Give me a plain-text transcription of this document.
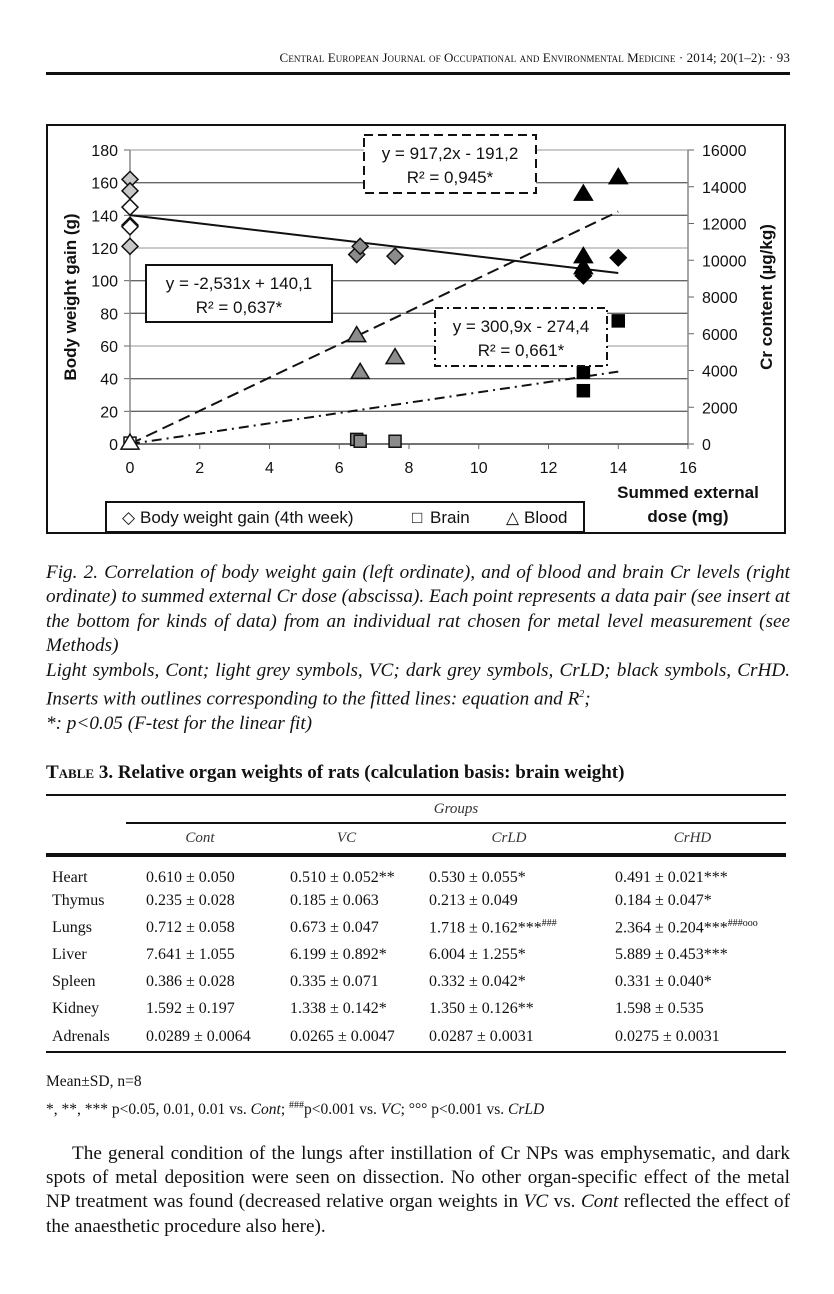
Central European Journal of Occupational and Environmental Medicine · 2014; 20(1–2): · 93
0
20
40
60
80
100
120
140
160
180
0
2000
4000
6000
8000
10000
12000
14000
16000
0	2	4	6	8	10	12	14	16
Body weight gain (g)	Cr content (µg/kg)
Summed external
dose (mg)
y = -2,531x + 140,1
R² = 0,637*
y = 917,2x - 191,2
R² = 0,945*
y = 300,9x - 274,4
R² = 0,661*
◇ Body weight gain (4th week)	□ Brain △ Blood

Fig. 2. Correlation of body weight gain (left ordinate), and of blood and brain Cr levels (right ordinate) to summed external Cr dose (abscissa). Each point represents a data pair (see insert at the bottom for kinds of data) from an individual rat chosen for metal level measurement (see Methods)

Light symbols, Cont; light grey symbols, VC; dark grey symbols, CrLD; black symbols, CrHD. Inserts with outlines corresponding to the fitted lines: equation and $R^2$;

*: p<0.05 (F-test for the linear fit)

Table 3. Relative organ weights of rats (calculation basis: brain weight)
	Groups			
	Cont	VC	CrLD	CrHD
Heart	0.610 ± 0.050	0.510 ± 0.052**	0.530 ± 0.055*	0.491 ± 0.021***
Thymus	0.235 ± 0.028	0.185 ± 0.063	0.213 ± 0.049	0.184 ± 0.047*
Lungs	0.712 ± 0.058	0.673 ± 0.047	1.718 ± 0.162***###	2.364 ± 0.204***$^{\#\#\#ooo}$
Liver	7.641 ± 1.055	6.199 ± 0.892*	6.004 ± 1.255*	5.889 ± 0.453***
Spleen	0.386 ± 0.028	0.335 ± 0.071	0.332 ± 0.042*	0.331 ± 0.040*
Kidney	1.592 ± 0.197	1.338 ± 0.142*	1.350 ± 0.126**	1.598 ± 0.535
Adrenals	0.0289 ± 0.0064	0.0265 ± 0.0047	0.0287 ± 0.0031	0.0275 ± 0.0031

Mean±SD, n=8

*, **, *** p<0.05, 0.01, 0.01 vs. Cont; ###p<0.001 vs. VC; °°° p<0.001 vs. CrLD

The general condition of the lungs after instillation of Cr NPs was emphysematic, and dark spots of metal deposition were seen on dissection. No other organ-specific effect of the metal NP treatment was found (decreased relative organ weights in VC vs. Cont reflected the effect of the anaesthetic procedure also here).
